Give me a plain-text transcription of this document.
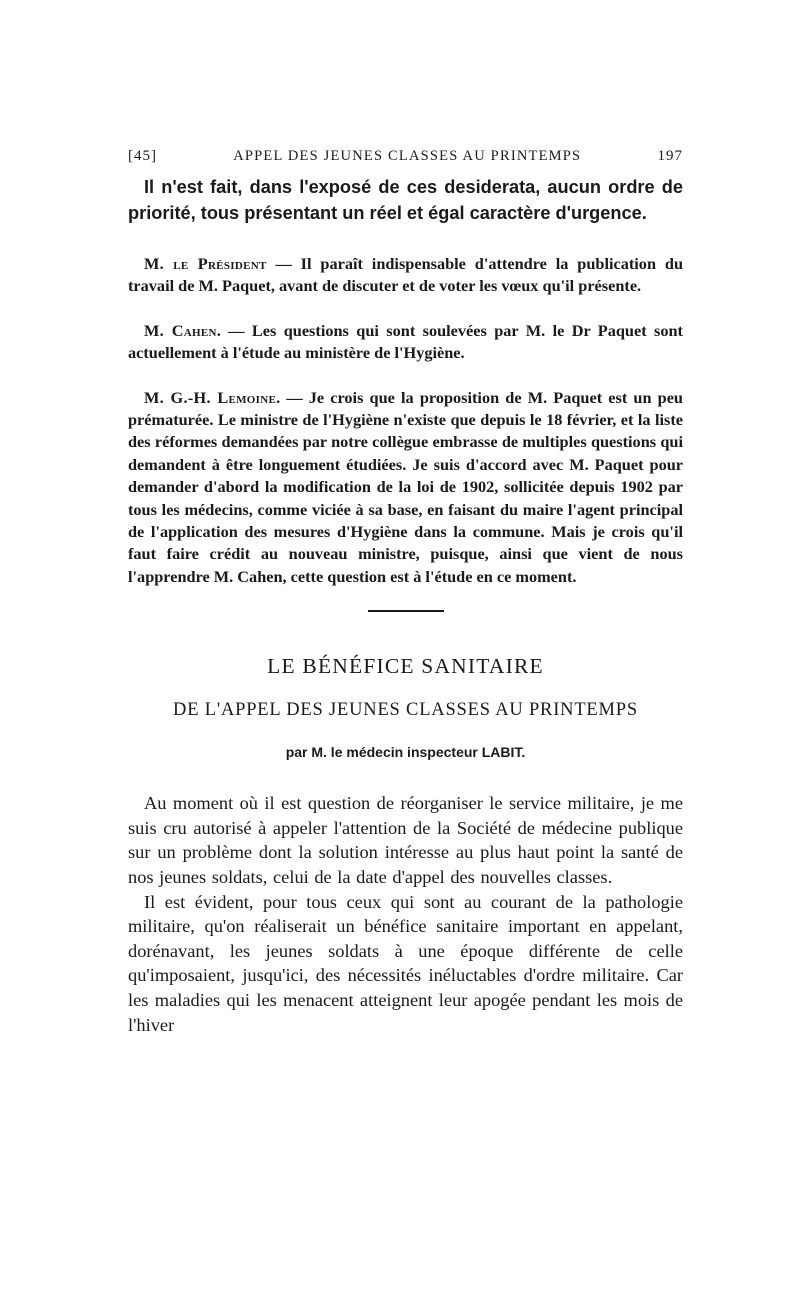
[45]	APPEL DES JEUNES CLASSES AU PRINTEMPS	197

Il n'est fait, dans l'exposé de ces desiderata, aucun ordre de priorité, tous présentant un réel et égal caractère d'urgence.

M. le Président — Il paraît indispensable d'attendre la publication du travail de M. Paquet, avant de discuter et de voter les vœux qu'il présente.

M. Cahen. — Les questions qui sont soulevées par M. le Dr Paquet sont actuellement à l'étude au ministère de l'Hygiène.

M. G.-H. Lemoine. — Je crois que la proposition de M. Paquet est un peu prématurée. Le ministre de l'Hygiène n'existe que depuis le 18 février, et la liste des réformes demandées par notre collègue embrasse de multiples questions qui demandent à être longuement étudiées. Je suis d'accord avec M. Paquet pour demander d'abord la modification de la loi de 1902, sollicitée depuis 1902 par tous les médecins, comme viciée à sa base, en faisant du maire l'agent principal de l'application des mesures d'Hygiène dans la commune. Mais je crois qu'il faut faire crédit au nouveau ministre, puisque, ainsi que vient de nous l'apprendre M. Cahen, cette question est à l'étude en ce moment.

LE BÉNÉFICE SANITAIRE
DE L'APPEL DES JEUNES CLASSES AU PRINTEMPS
par M. le médecin inspecteur LABIT.

Au moment où il est question de réorganiser le service militaire, je me suis cru autorisé à appeler l'attention de la Société de médecine publique sur un problème dont la solution intéresse au plus haut point la santé de nos jeunes soldats, celui de la date d'appel des nouvelles classes.

Il est évident, pour tous ceux qui sont au courant de la pathologie militaire, qu'on réaliserait un bénéfice sanitaire important en appelant, dorénavant, les jeunes soldats à une époque différente de celle qu'imposaient, jusqu'ici, des nécessités inéluctables d'ordre militaire. Car les maladies qui les menacent atteignent leur apogée pendant les mois de l'hiver
